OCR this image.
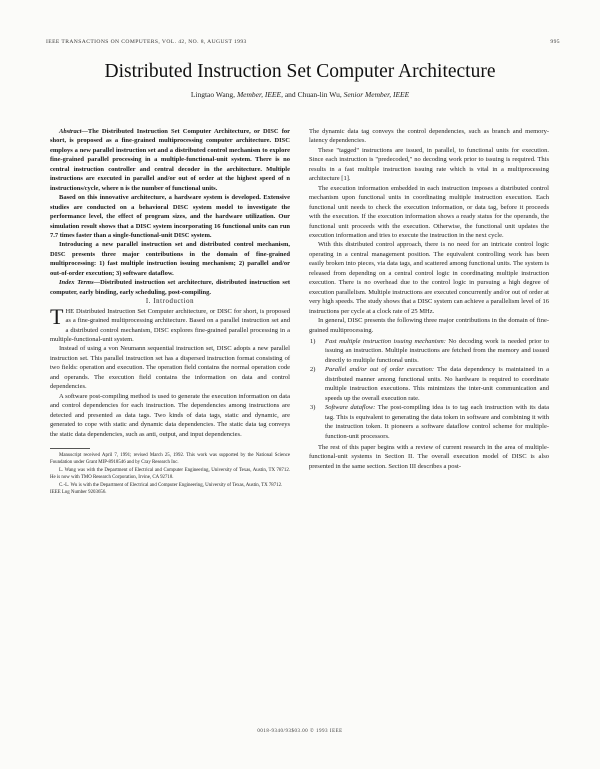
IEEE TRANSACTIONS ON COMPUTERS, VOL. 42, NO. 8, AUGUST 1993	995
Distributed Instruction Set Computer Architecture
Lingtao Wang, Member, IEEE, and Chuan-lin Wu, Senior Member, IEEE

Abstract—The Distributed Instruction Set Computer Architecture, or DISC for short, is proposed as a fine-grained multiprocessing computer architecture. DISC employs a new parallel instruction set and a distributed control mechanism to explore fine-grained parallel processing in a multiple-functional-unit system. There is no central instruction controller and central decoder in the architecture. Multiple instructions are executed in parallel and/or out of order at the highest speed of n instructions/cycle, where n is the number of functional units.

Based on this innovative architecture, a hardware system is developed. Extensive studies are conducted on a behavioral DISC system model to investigate the performance level, the effect of program sizes, and the hardware utilization. Our simulation result shows that a DISC system incorporating 16 functional units can run 7.7 times faster than a single-functional-unit DISC system.

Introducing a new parallel instruction set and distributed control mechanism, DISC presents three major contributions in the domain of fine-grained multiprocessing: 1) fast multiple instruction issuing mechanism; 2) parallel and/or out-of-order execution; 3) software dataflow.

Index Terms—Distributed instruction set architecture, distributed instruction set computer, early binding, early scheduling, post-compiling.

I. Introduction

THE Distributed Instruction Set Computer architecture, or DISC for short, is proposed as a fine-grained multiprocessing architecture. Based on a parallel instruction set and a distributed control mechanism, DISC explores fine-grained parallel processing in a multiple-functional-unit system.

Instead of using a von Neumann sequential instruction set, DISC adopts a new parallel instruction set. This parallel instruction set has a dispersed instruction format consisting of two fields: operation and execution. The operation field contains the normal operation code and operands. The execution field contains the information on data and control dependencies.

A software post-compiling method is used to generate the execution information on data and control dependencies for each instruction. The dependencies among instructions are detected and presented as data tags. Two kinds of data tags, static and dynamic, are generated to cope with static and dynamic data dependencies. The static data tag conveys the static data dependencies, such as anti, output, and input dependencies.

Manuscript received April 7, 1991; revised March 25, 1992. This work was supported by the National Science Foundation under Grant MIP-8918546 and by Cray Research Inc.

L. Wang was with the Department of Electrical and Computer Engineering, University of Texas, Austin, TX 78712. He is now with TMO Research Corporation, Irvine, CA 92718.

C.-L. Wu is with the Department of Electrical and Computer Engineering, University of Texas, Austin, TX 78712.

IEEE Log Number 9203656.

The dynamic data tag conveys the control dependencies, such as branch and memory-latency dependencies.

These "tagged" instructions are issued, in parallel, to functional units for execution. Since each instruction is "predecoded," no decoding work prior to issuing is required. This results in a fast multiple instruction issuing rate which is vital in a multiprocessing architecture [1].

The execution information embedded in each instruction imposes a distributed control mechanism upon functional units in coordinating multiple instruction execution. Each functional unit needs to check the execution information, or data tag, before it proceeds with the execution. If the execution information shows a ready status for the operands, the functional unit proceeds with the execution. Otherwise, the functional unit updates the execution information and tries to execute the instruction in the next cycle.

With this distributed control approach, there is no need for an intricate control logic operating in a central management position. The equivalent controlling work has been easily broken into pieces, via data tags, and scattered among functional units. The system is released from depending on a central control logic in coordinating multiple instruction execution. There is no overhead due to the control logic in pursuing a high degree of execution parallelism. Multiple instructions are executed concurrently and/or out of order at very high speeds. The study shows that a DISC system can achieve a parallelism level of 16 instructions per cycle at a clock rate of 25 MHz.

In general, DISC presents the following three major contributions in the domain of fine-grained multiprocessing.

1) Fast multiple instruction issuing mechanism: No decoding work is needed prior to issuing an instruction. Multiple instructions are fetched from the memory and issued directly to multiple functional units.
2) Parallel and/or out of order execution: The data dependency is maintained in a distributed manner among functional units. No hardware is required to coordinate multiple instruction executions. This minimizes the inter-unit communication and speeds up the overall execution rate.
3) Software dataflow: The post-compiling idea is to tag each instruction with its data tag. This is equivalent to generating the data token in software and combining it with the instruction token. It pioneers a software dataflow control scheme for multiple-function-unit processors.

The rest of this paper begins with a review of current research in the area of multiple-functional-unit systems in Section II. The overall execution model of DISC is also presented in the same section. Section III describes a post-

0018-9340/93$03.00 © 1993 IEEE
